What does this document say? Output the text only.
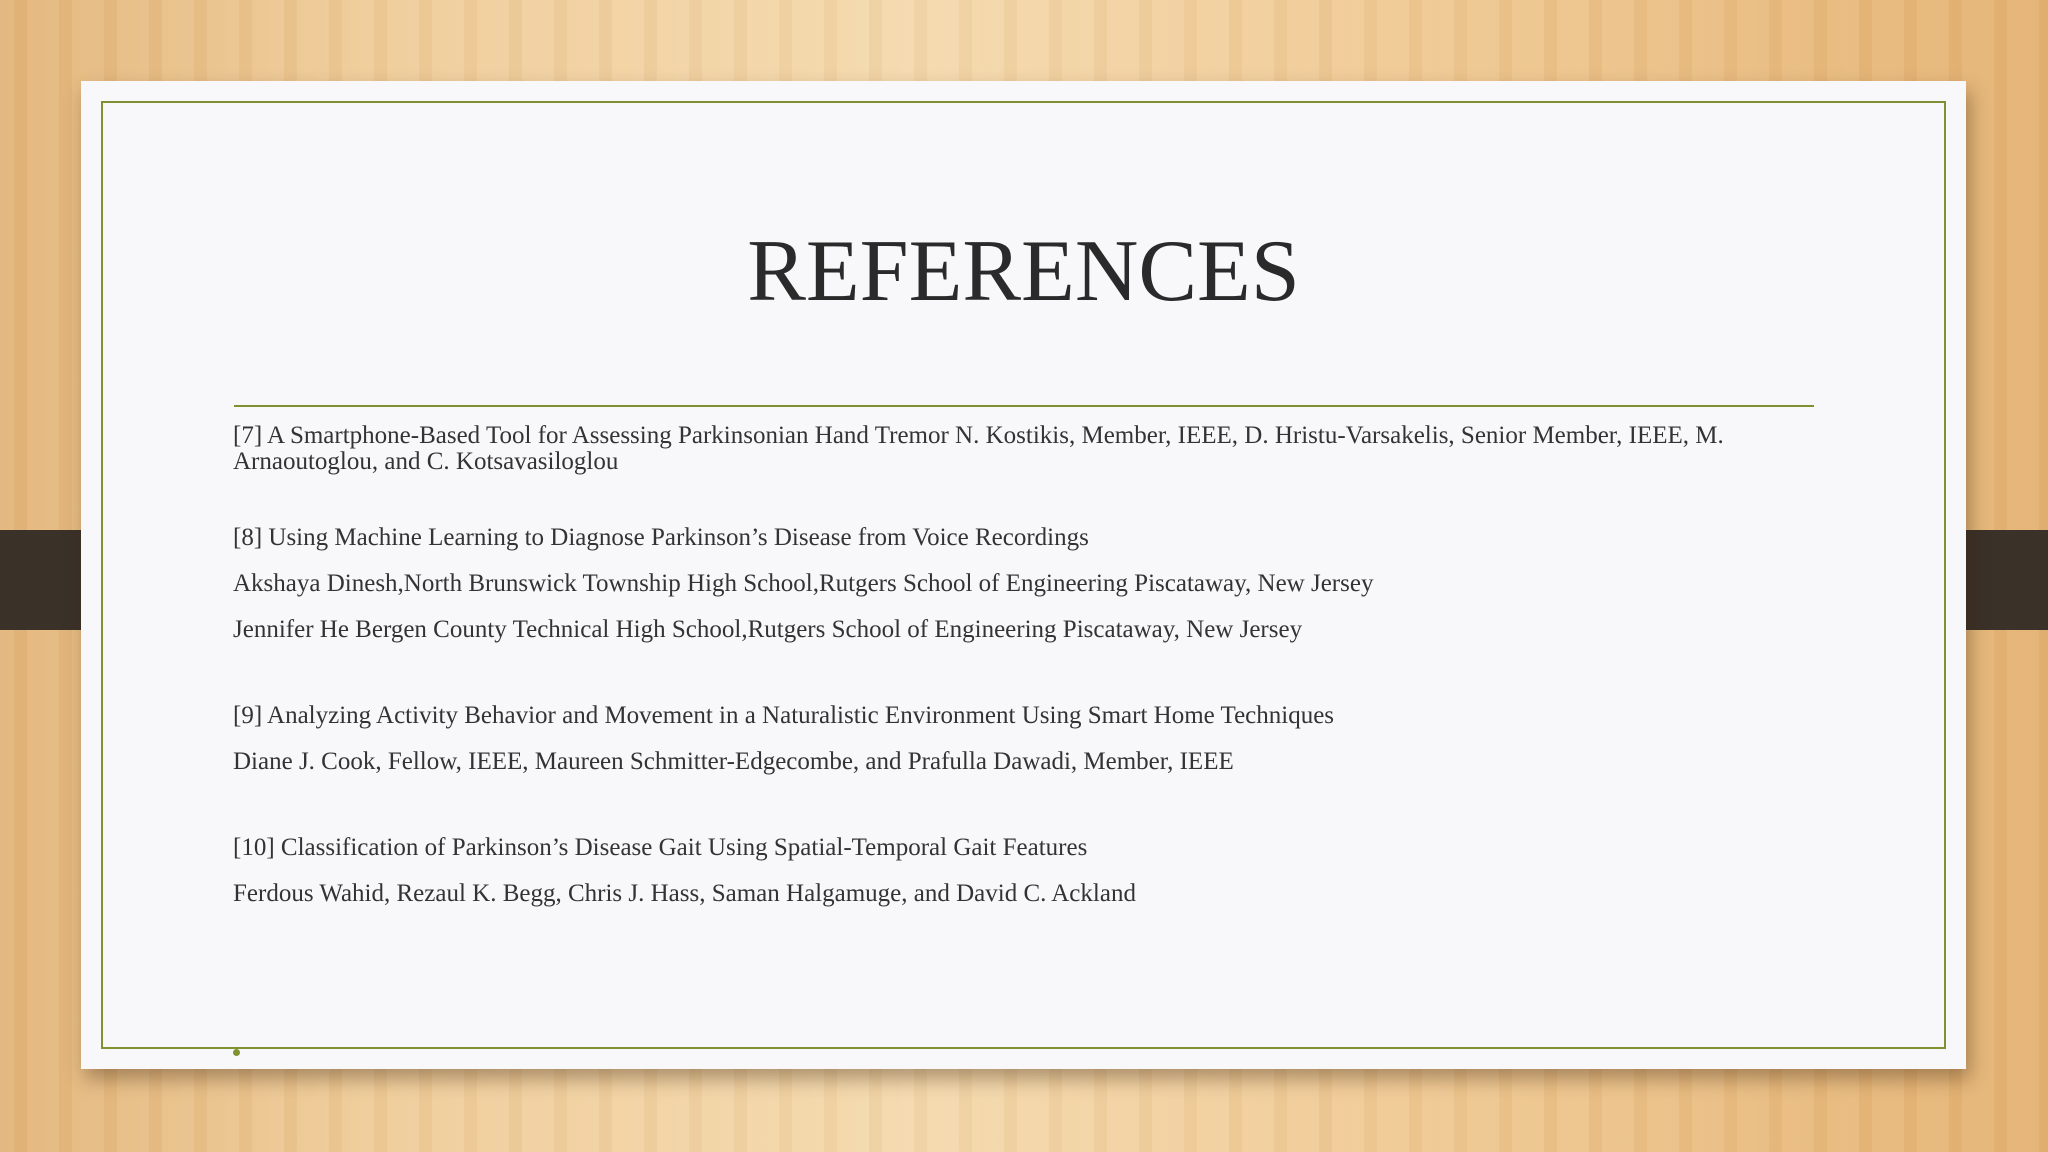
REFERENCES

[7] A Smartphone-Based Tool for Assessing Parkinsonian Hand Tremor N. Kostikis, Member, IEEE, D. Hristu-Varsakelis, Senior Member, IEEE, M. Arnaoutoglou, and C. Kotsavasiloglou

[8] Using Machine Learning to Diagnose Parkinson’s Disease from Voice Recordings

Akshaya Dinesh,North Brunswick Township High School,Rutgers School of Engineering Piscataway, New Jersey

Jennifer He Bergen County Technical High School,Rutgers School of Engineering Piscataway, New Jersey

[9] Analyzing Activity Behavior and Movement in a Naturalistic Environment Using Smart Home Techniques

Diane J. Cook, Fellow, IEEE, Maureen Schmitter-Edgecombe, and Prafulla Dawadi, Member, IEEE

[10] Classification of Parkinson’s Disease Gait Using Spatial-Temporal Gait Features

Ferdous Wahid, Rezaul K. Begg, Chris J. Hass, Saman Halgamuge, and David C. Ackland
